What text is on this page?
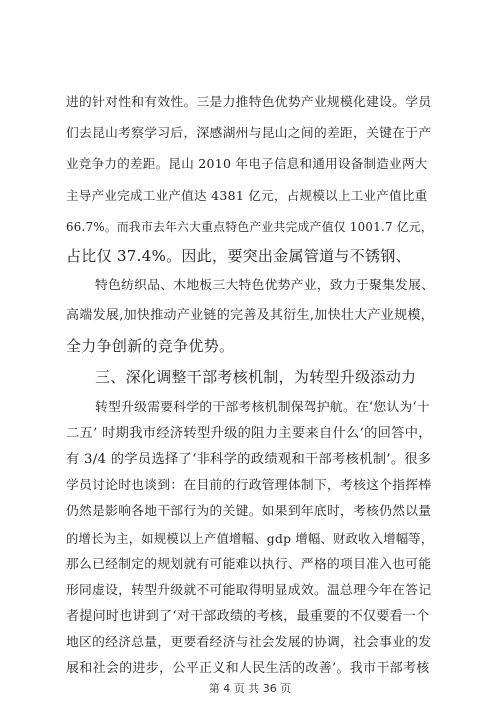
进的针对性和有效性。三是力推特色优势产业规模化建设。学员
们去昆山考察学习后，深感湖州与昆山之间的差距，关键在于产
业竞争力的差距。昆山 2010 年电子信息和通用设备制造业两大
主导产业完成工业产值达 4381 亿元，占规模以上工业产值比重
66.7%。而我市去年六大重点特色产业共完成产值仅 1001.7 亿元，
占比仅 37.4%。因此，要突出金属管道与不锈钢、
特色纺织品、木地板三大特色优势产业，致力于聚集发展、
高端发展,加快推动产业链的完善及其衍生,加快壮大产业规模，
全力争创新的竞争优势。
三、深化调整干部考核机制，为转型升级添动力
转型升级需要科学的干部考核机制保驾护航。在‘您认为‘十
二五’ 时期我市经济转型升级的阻力主要来自什么’的回答中，
有 3/4 的学员选择了‘非科学的政绩观和干部考核机制’。很多
学员讨论时也谈到：在目前的行政管理体制下，考核这个指挥棒
仍然是影响各地干部行为的关键。如果到年底时，考核仍然以量
的增长为主，如规模以上产值增幅、gdp 增幅、财政收入增幅等，
那么已经制定的规划就有可能难以执行、严格的项目准入也可能
形同虚设，转型升级就不可能取得明显成效。温总理今年在答记
者提问时也讲到了‘对干部政绩的考核，最重要的不仅要看一个
地区的经济总量，更要看经济与社会发展的协调，社会事业的发
展和社会的进步，公平正义和人民生活的改善’。我市干部考核
第 4 页 共 36 页
